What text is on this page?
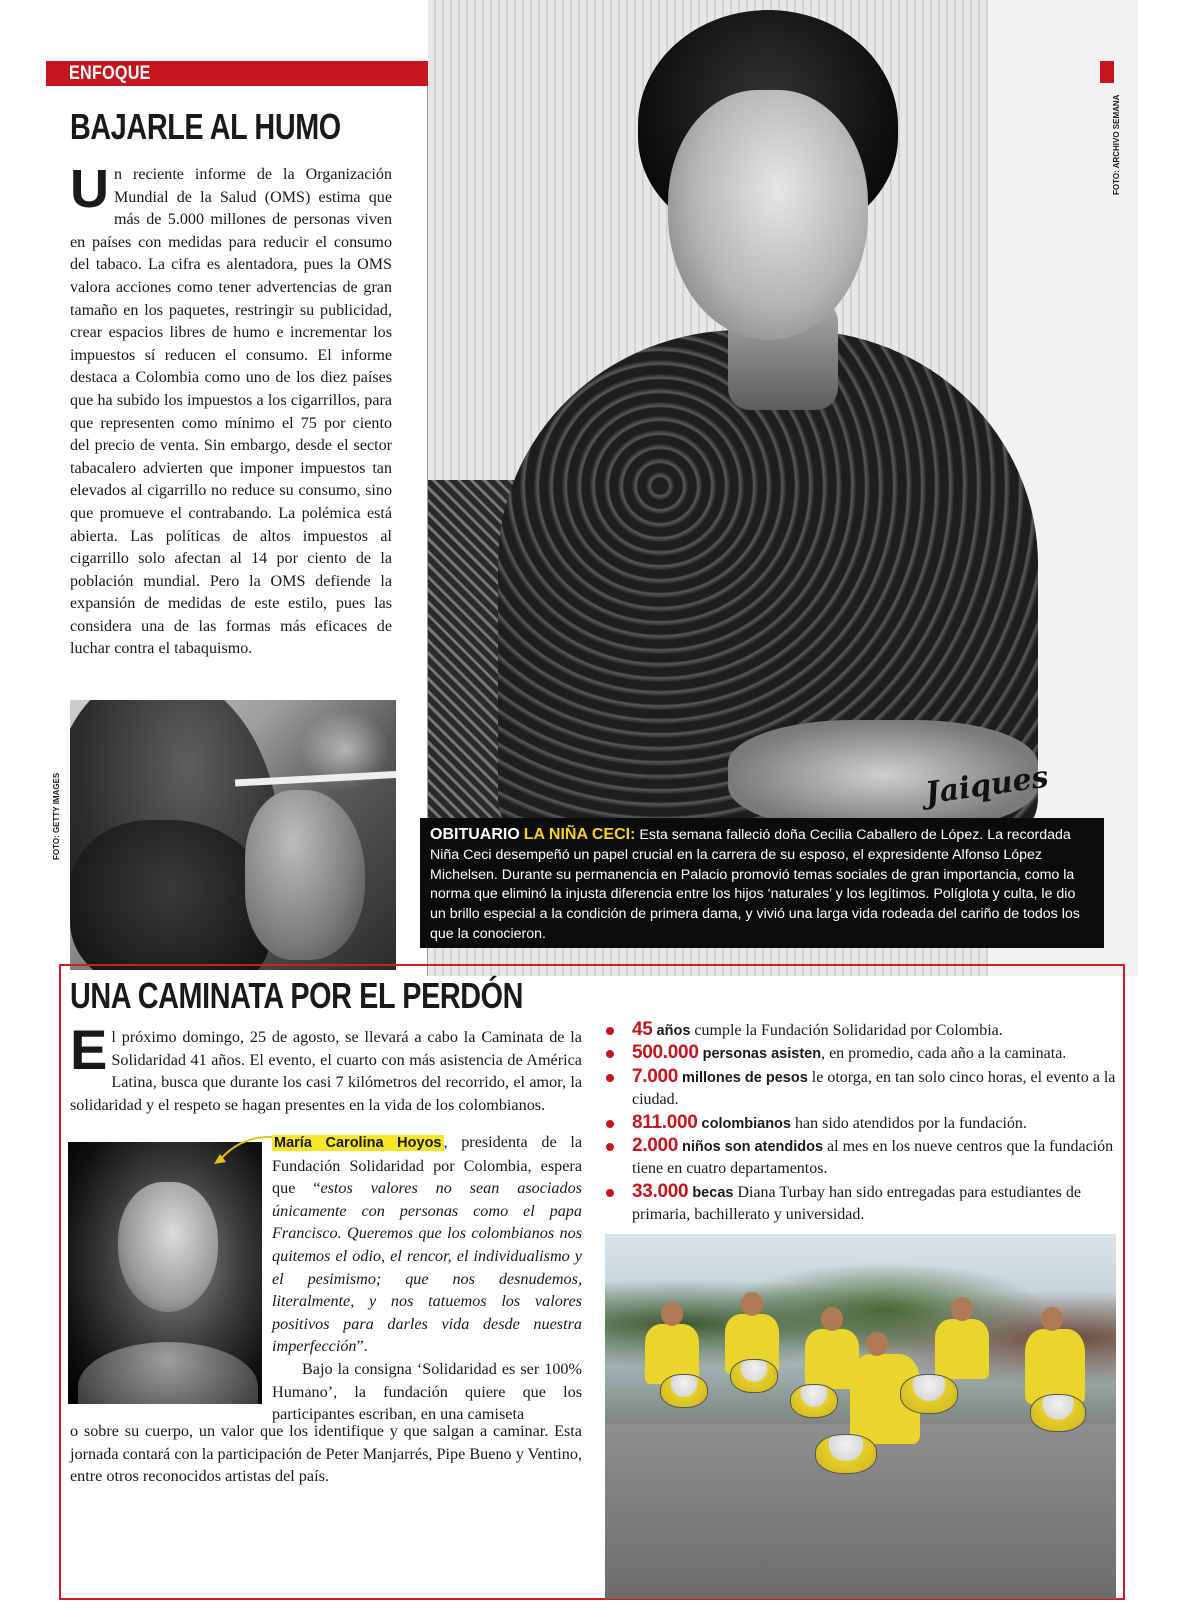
ENFOQUE
BAJARLE AL HUMO
Un reciente informe de la Organización Mundial de la Salud (OMS) estima que más de 5.000 millones de personas viven en países con medidas para reducir el consumo del tabaco. La cifra es alentadora, pues la OMS valora acciones como tener advertencias de gran tamaño en los paquetes, restringir su publicidad, crear espacios libres de humo e incrementar los impuestos sí reducen el consumo. El informe destaca a Colombia como uno de los diez países que ha subido los impuestos a los cigarrillos, para que representen como mínimo el 75 por ciento del precio de venta. Sin embargo, desde el sector tabacalero advierten que imponer impuestos tan elevados al cigarrillo no reduce su consumo, sino que promueve el contrabando. La polémica está abierta. Las políticas de altos impuestos al cigarrillo solo afectan al 14 por ciento de la población mundial. Pero la OMS defiende la expansión de medidas de este estilo, pues las considera una de las formas más eficaces de luchar contra el tabaquismo.
FOTO: GETTY IMAGES	Jaiques
FOTO: ARCHIVO SEMANA
OBITUARIO LA NIÑA CECI: Esta semana falleció doña Cecilia Caballero de López. La recordada Niña Ceci desempeñó un papel crucial en la carrera de su esposo, el expresidente Alfonso López Michelsen. Durante su permanencia en Palacio promovió temas sociales de gran importancia, como la norma que eliminó la injusta diferencia entre los hijos ‘naturales’ y los legítimos. Políglota y culta, le dio un brillo especial a la condición de primera dama, y vivió una larga vida rodeada del cariño de todos los que la conocieron.
UNA CAMINATA POR EL PERDÓN
El próximo domingo, 25 de agosto, se llevará a cabo la Caminata de la Solidaridad 41 años. El evento, el cuarto con más asistencia de América Latina, busca que durante los casi 7 kilómetros del recorrido, el amor, la solidaridad y el respeto se hagan presentes en la vida de los colombianos.

María Carolina Hoyos , presidenta de la Fundación Solidaridad por Colombia, espera que “estos valores no sean asociados únicamente con personas como el papa Francisco. Queremos que los colombianos nos quitemos el odio, el rencor, el individualismo y el pesimismo; que nos desnudemos, literalmente, y nos tatuemos los valores positivos para darles vida desde nuestra imperfección”.

Bajo la consigna ‘Solidaridad es ser 100% Humano’, la fundación quiere que los participantes escriban, en una camiseta

o sobre su cuerpo, un valor que los identifique y que salgan a caminar. Esta jornada contará con la participación de Peter Manjarrés, Pipe Bueno y Ventino, entre otros reconocidos artistas del país.
45 años cumple la Fundación Solidaridad por Colombia.
500.000 personas asisten, en promedio, cada año a la caminata.
7.000 millones de pesos le otorga, en tan solo cinco horas, el evento a la ciudad.
811.000 colombianos han sido atendidos por la fundación.
2.000 niños son atendidos al mes en los nueve centros que la fundación tiene en cuatro departamentos.
33.000 becas Diana Turbay han sido entregadas para estudiantes de primaria, bachillerato y universidad.
